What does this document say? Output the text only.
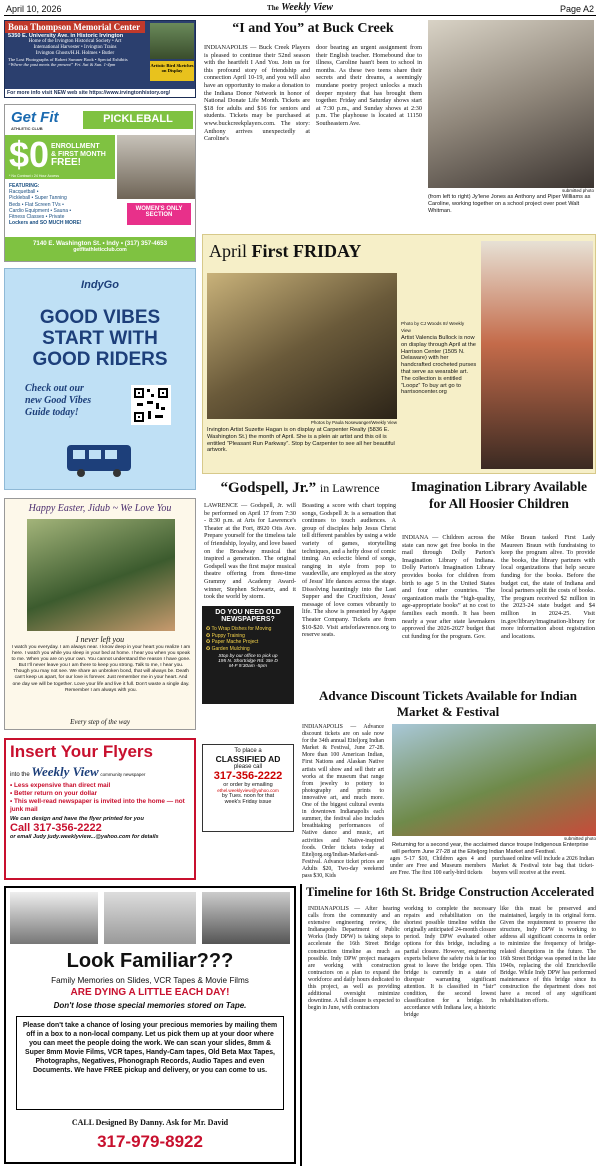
April 10, 2026	The Weekly View	Page A2
Bona Thompson Memorial Center
5350 E. University Ave. in Historic Irvington
Home of the Irvington Historical Society • Art
International Harvester • Irvington Trains
Irvington Ghosts/H.H. Holmes • Butler
The Lost Photographs of Robert Sumner Book • Special Exhibits
“Where the past meets the present” Fri. Sat & Sun. 1-4pm	Artistic Bird Sketches on Display
For more info visit NEW web site https://www.irvingtonhistory.org/
Get Fit
ATHLETIC CLUB
PICKLEBALL
$0 ENROLLMENT
& FIRST MONTH
FREE!
* No Contract • 24 Hour Access
FEATURING:
Racquetball •
Pickleball • Super Tanning
Beds • Flat Screen TVs •
Cardio Equipment • Sauna •
Fitness Classes • Private
Lockers and SO MUCH MORE!
WOMEN'S ONLY
SECTION
7140 E. Washington St. • Indy • (317) 357-4653
getfitathleticclub.com
IndyGo
GOOD VIBES
START WITH
GOOD RIDERS
Check out our
new Good Vibes
Guide today!
Happy Easter, Jidub ~ We Love You
I never left you
I watch you everyday. I am always near. I know deep in your heart you realize I am here. I watch you while you sleep in your bed at home. I hear you when you speak to me. When you are on your own. You cannot understand the reason I have gone. But I'll never leave you I am there to keep you strong. Talk to me, I hear you. Though you may not see. We share an unbroken bond, that will always be. Death can't keep us apart, for our love is forever. Just remember me in your heart. And one day we will be together. Love your life and live it full. Don't waste a single day. Remember I am always with you.
Every step of the way
Insert Your Flyers
into the Weekly View community newspaper
• Less expensive than direct mail
• Better return on your dollar
• This well-read newspaper is invited into the home — not junk mail
We can design and have the flyer printed for you
Call 317-356-2222
or email Judy judy.weeklyview...@yahoo.com for details
“I and You” at Buck Creek
INDIANAPOLIS — Buck Creek Players is pleased to continue their 52nd season with the heartfelt I And You. Join us for this profound story of friendship and connection April 10-19, and you will also have an opportunity to make a donation to the Indiana Donor Network in honor of National Donate Life Month. Tickets are $18 for adults and $16 for seniors and students. Tickets may be purchased at www.buckcreekplayers.com. The story: Anthony arrives unexpectedly at Caroline's
door bearing an urgent assignment from their English teacher. Homebound due to illness, Caroline hasn't been to school in months. As these two teens share their secrets and their dreams, a seemingly mundane poetry project unlocks a much deeper mystery that has brought them together. Friday and Saturday shows start at 7:30 p.m., and Sunday shows at 2:30 p.m. The playhouse is located at 11150 Southeastern Ave.
submitted photo
(from left to right) Jy'lene Jones as Anthony and Piper Williams as Caroline, working together on a school project over poet Walt Whitman.
April First FRIDAY
Photos by Paula Nosewanger/Weekly View
Irvington Artist Suzette Hagan is on display at Carpenter Realty (5836 E. Washington St.) the month of April. She is a plein air artist and this oil is entitled “Pleasant Run Parkway”. Stop by Carpenter to see all her beautiful artwork.
Photo by CJ Woods III/ Weekly View
Artist Valencia Bullock is now on display through April at the Harrison Center (1505 N. Delaware) with her handcrafted crocheted purses that serve as wearable art. The collection is entitled “Loopz” To buy art go to harrisoncenter.org
“Godspell, Jr.” in Lawrence
LAWRENCE — Godspell, Jr. will be performed on April 17 from 7:30 - 8:30 p.m. at Arts for Lawrence's Theater at the Fort, 8920 Otis Ave. Prepare yourself for the timeless tale of friendship, loyalty, and love based on the Broadway musical that inspired a generation. The original Godspell was the first major musical theatre offering from three-time Grammy and Academy Award-winner, Stephen Schwartz, and it took the world by storm.
Boasting a score with chart topping songs, Godspell Jr. is a sensation that continues to touch audiences. A group of disciples help Jesus Christ tell different parables by using a wide variety of games, storytelling techniques, and a hefty dose of comic timing. An eclectic blend of songs, ranging in style from pop to vaudeville, are employed as the story of Jesus' life dances across the stage. Dissolving hauntingly into the Last Supper and the Crucifixion, Jesus' message of love comes vibrantly to life. The show is presented by Agape Theater Company. Tickets are from $10-$20. Visit artsforlawrence.org to reserve seats.
DO YOU NEED OLD NEWSPAPERS?
✪ To Wrap Dishes for Moving
✪ Puppy Training
✪ Paper Mache Project
✪ Garden Mulching
Stop by our office to pick up
195 N. Shortridge Rd. Ste D
M-F 9:30am -5pm
To place a
CLASSIFIED AD
please call
317-356-2222
or order by emailing
ethel.weeklyview@yahoo.com
by Tues. noon for that
week's Friday issue
Imagination Library Available for All Hoosier Children
INDIANA — Children across the state can now get free books in the mail through Dolly Parton's Imagination Library of Indiana. Dolly Parton's Imagination Library provides books for children from birth to age 5 in the United States and four other countries. The organization mails the “high-quality, age-appropriate books” at no cost to families each month. It has been nearly a year after state lawmakers approved the 2026-2027 budget that cut funding for the program. Gov.
Mike Braun tasked First Lady Maureen Braun with fundraising to keep the program alive. To provide the books, the library partners with local organizations that help secure funding for the books. Before the budget cut, the state of Indiana and local partners split the costs of books. The program received $2 million in the 2023-24 state budget and $4 million in 2024-25. Visit in.gov/library/imagination-library for more information about registration and locations.
Advance Discount Tickets Available for Indian Market & Festival
INDIANAPOLIS — Advance discount tickets are on sale now for the 34th annual Eiteljorg Indian Market & Festival, June 27-28. More than 100 American Indian, First Nations and Alaskan Native artists will show and sell their art works at the museum that range from jewelry to pottery to photography and prints to innovative art, and much more. One of the biggest cultural events in downtown Indianapolis each summer, the festival also includes breathtaking performances of Native dance and music, art activities and Native-inspired foods. Order tickets today at Eiteljorg.org/Indian-Market-and-Festival. Advance ticket prices are Adults $20, Two-day weekend pass $30, Kids
ages 5-17 $10, Children ages 4 and under are Free and Museum members are Free. The first 100 early-bird tickets
purchased online will include a 2026 Indian Market & Festival tote bag that ticket-buyers will receive at the event.
submitted photo
Returning for a second year, the acclaimed dance troupe Indigenous Enterprise will perform June 27-28 at the Eiteljorg Indian Market and Festival.
Look Familiar???
Family Memories on Slides, VCR Tapes & Movie Films
ARE DYING A LITTLE EACH DAY!
Don't lose those special memories stored on Tape.
Please don't take a chance of losing your precious memories by mailing them off in a box to a non-local company. Let us pick them up at your door where you can meet the people doing the work. We can scan your slides, 8mm & Super 8mm Movie Films, VCR tapes, Handy-Cam tapes, Old Beta Max Tapes, Photographs, Negatives, Phonograph Records, Audio Tapes and even Documents. We have FREE pickup and delivery, or you can come to us.
CALL Designed By Danny. Ask for Mr. David
317-979-8922
Timeline for 16th St. Bridge Construction Accelerated
INDIANAPOLIS — After hearing calls from the community and an extensive engineering review, the Indianapolis Department of Public Works (Indy DPW) is taking steps to accelerate the 16th Street Bridge construction timeline as much as possible. Indy DPW project managers are working with construction contractors on a plan to expand the workforce and daily hours dedicated to this project, as well as providing additional oversight minimize downtime. A full closure is expected to begin in June, with contractors
working to complete the necessary repairs and rehabilitation on the shortest possible timeline within the originally anticipated 24-month closure period. Indy DPW evaluated other options for this bridge, including a partial closure. However, engineering experts believe the safety risk is far too great to leave the bridge open. This bridge is currently in a state of disrepair warranting significant attention. It is classified in “fair” condition, the second lowest classification for a bridge. In accordance with Indiana law, a historic bridge
like this must be preserved and maintained, largely in its original form. Given the requirement to preserve the structure, Indy DPW is working to address all significant concerns in order to minimize the frequency of bridge-related disruptions in the future. The 16th Street Bridge was opened in the late 1940s, replacing the old Emrichsville Bridge. While Indy DPW has performed maintenance of this bridge since its construction the department does not have a record of any significant rehabilitation efforts.
